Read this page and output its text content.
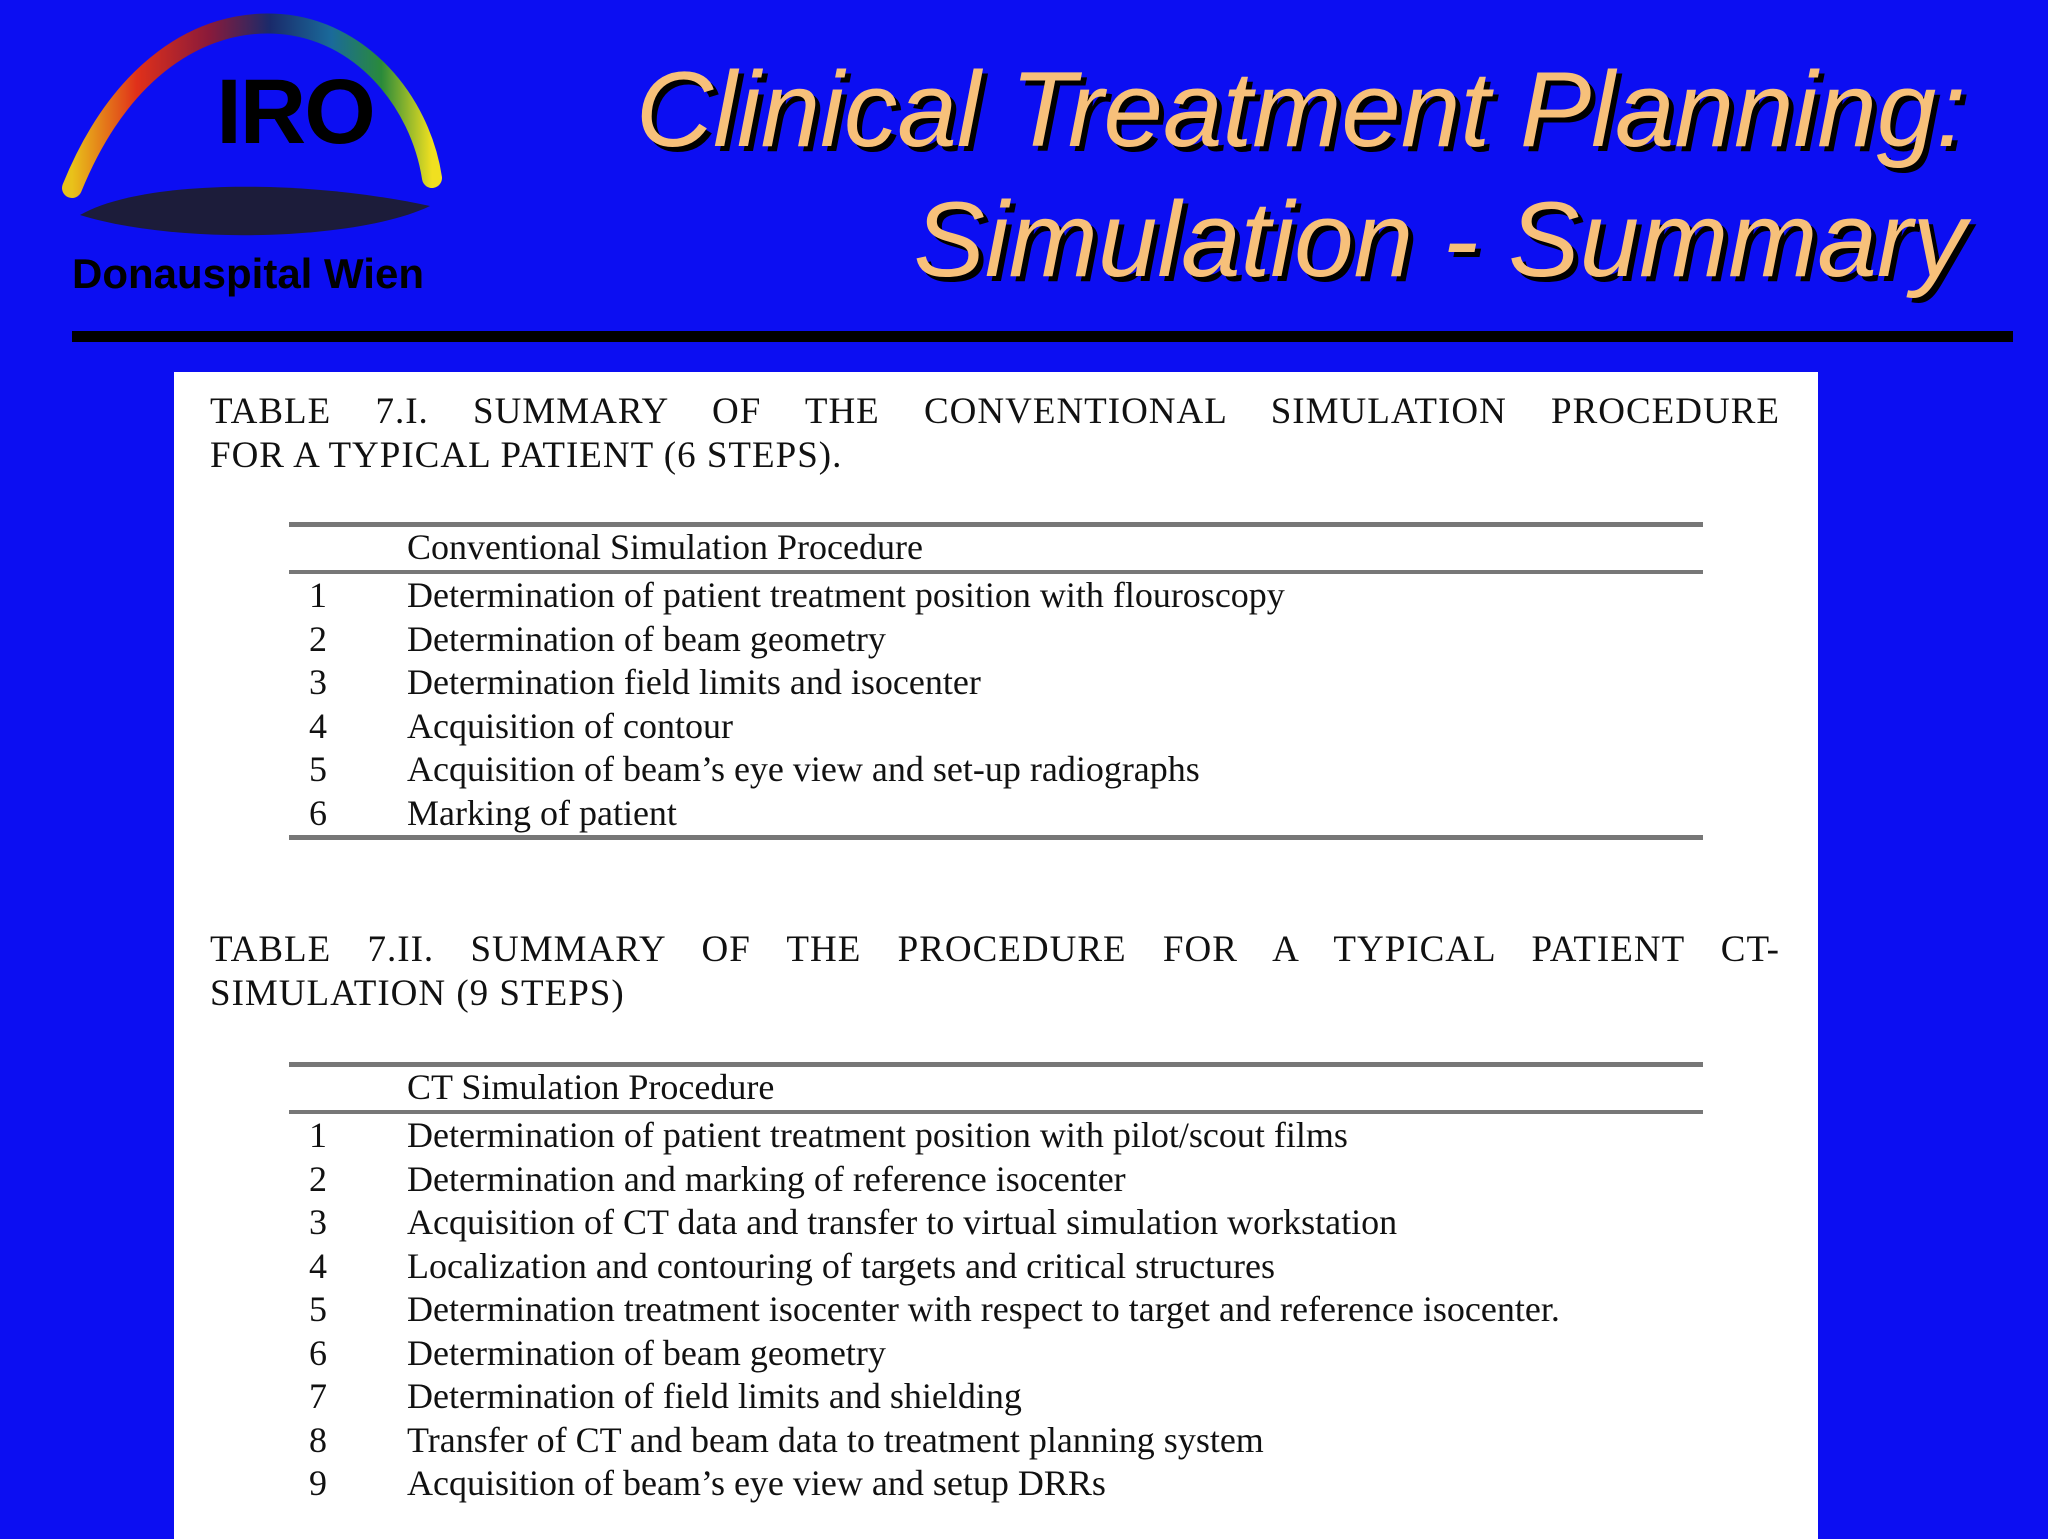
IRO
Donauspital Wien
Clinical Treatment Planning:
Simulation - Summary
TABLE 7.I. SUMMARY OF THE CONVENTIONAL SIMULATION PROCEDURE
FOR A TYPICAL PATIENT (6 STEPS).
Conventional Simulation Procedure
1	Determination of patient treatment position with flouroscopy
2	Determination of beam geometry
3	Determination field limits and isocenter
4	Acquisition of contour
5	Acquisition of beam’s eye view and set-up radiographs
6	Marking of patient
TABLE 7.II. SUMMARY OF THE PROCEDURE FOR A TYPICAL PATIENT CT-
SIMULATION (9 STEPS)
CT Simulation Procedure
1	Determination of patient treatment position with pilot/scout films
2	Determination and marking of reference isocenter
3	Acquisition of CT data and transfer to virtual simulation workstation
4	Localization and contouring of targets and critical structures
5	Determination treatment isocenter with respect to target and reference isocenter.
6	Determination of beam geometry
7	Determination of field limits and shielding
8	Transfer of CT and beam data to treatment planning system
9	Acquisition of beam’s eye view and setup DRRs
